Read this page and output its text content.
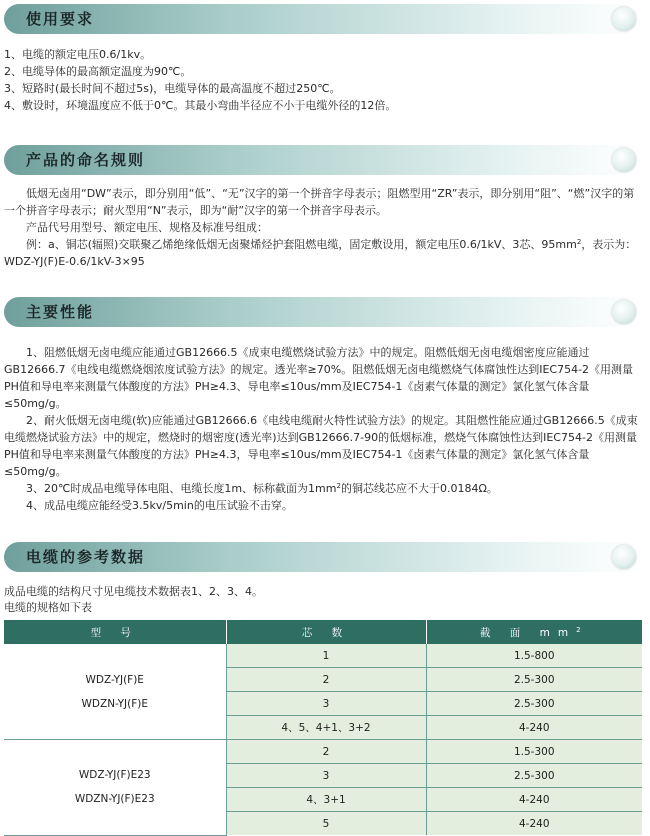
使用要求

1、电缆的额定电压0.6/1kv。

2、电缆导体的最高额定温度为90℃。

3、短路时(最长时间不超过5s)，电缆导体的最高温度不超过250℃。

4、敷设时，环境温度应不低于0℃。其最小弯曲半径应不小于电缆外径的12倍。

产品的命名规则

低烟无卤用“DW”表示，即分别用“低”、“无”汉字的第一个拼音字母表示；阻燃型用“ZR”表示，即分别用“阻”、“燃”汉字的第一个拼音字母表示；耐火型用“N”表示，即为“耐”汉字的第一个拼音字母表示。

产品代号用型号、额定电压、规格及标准号组成：

例：a、铜芯(辐照)交联聚乙烯绝缘低烟无卤聚烯烃护套阻燃电缆，固定敷设用，额定电压0.6/1kV、3芯、$95mm^2$，表示为：WDZ-YJ(F)E-0.6/1kV-3×95

主要性能

1、阻燃低烟无卤电缆应能通过GB12666.5《成束电缆燃烧试验方法》中的规定。阻燃低烟无卤电缆烟密度应能通过GB12666.7《电线电缆燃烧烟浓度试验方法》的规定。透光率≥70%。阻燃低烟无卤电缆燃烧气体腐蚀性达到IEC754-2《用测量PH值和导电率来测量气体酸度的方法》PH≥4.3、导电率≤10us/mm及IEC754-1《卤素气体量的测定》氯化氢气体含量≤50mg/g。

2、耐火低烟无卤电缆(软)应能通过GB12666.6《电线电缆耐火特性试验方法》的规定。其阻燃性能应通过GB12666.5《成束电缆燃烧试验方法》中的规定，燃烧时的烟密度(透光率)达到GB12666.7-90的低烟标准，燃烧气体腐蚀性达到IEC754-2《用测量PH值和导电率来测量气体酸度的方法》PH≥4.3，导电率≤10us/mm及IEC754-1《卤素气体量的测定》氯化氢气体含量≤50mg/g。

3、20℃时成品电缆导体电阻、电缆长度1m、标称截面为$1mm^2$的铜芯线芯应不大于0.0184Ω。

4、成品电缆应能经受3.5kv/5min的电压试验不击穿。

电缆的参考数据

成品电缆的结构尺寸见电缆技术数据表1、2、3、4。

电缆的规格如下表

型 号	芯 数	截 面 $mm^2$

WDZ-YJ(F)E
WDZN-YJ(F)E	1	1.5-800
	2	2.5-300
	3	2.5-300
	4、5、4+1、3+2	4-240

WDZ-YJ(F)E23
WDZN-YJ(F)E23	2	1.5-300
	3	2.5-300
	4、3+1	4-240
	5	4-240
